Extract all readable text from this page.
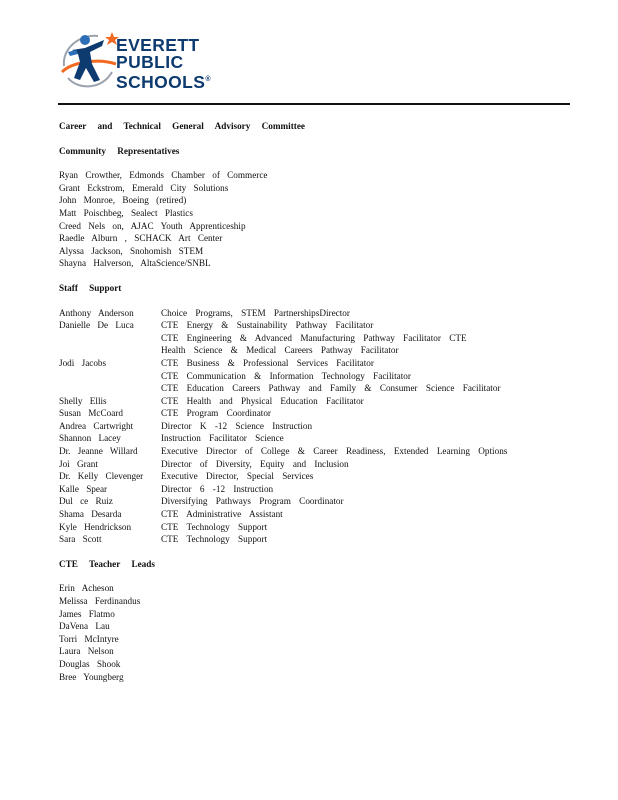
EVERETT
PUBLIC
SCHOOLS®
Career and Technical General Advisory Committee
Community Representatives
Ryan Crowther, Edmonds Chamber of Commerce
Grant Eckstrom, Emerald City Solutions
John Monroe, Boeing (retired)
Matt Poischbeg, Sealect Plastics
Creed Nels on, AJAC Youth Apprenticeship
Raedle Alburn , SCHACK Art Center
Alyssa Jackson, Snohomish STEM
Shayna Halverson, AltaScience/SNBL
Staff Support
Anthony Anderson	Choice Programs, STEM PartnershipsDirector
Danielle De Luca	CTE Energy & Sustainability Pathway Facilitator
CTE Engineering & Advanced Manufacturing Pathway Facilitator CTE
Health Science & Medical Careers Pathway Facilitator
Jodi Jacobs	CTE Business & Professional Services Facilitator
CTE Communication & Information Technology Facilitator
CTE Education Careers Pathway and Family & Consumer Science Facilitator
Shelly Ellis	CTE Health and Physical Education Facilitator
Susan McCoard	CTE Program Coordinator
Andrea Cartwright	Director K -12 Science Instruction
Shannon Lacey	Instruction Facilitator Science
Dr. Jeanne Willard	Executive Director of College & Career Readiness, Extended Learning Options
Joi Grant	Director of Diversity, Equity and Inclusion
Dr. Kelly Clevenger	Executive Director, Special Services
Kalle Spear	Director 6 -12 Instruction
Dul ce Ruiz	Diversifying Pathways Program Coordinator
Shama Desarda	CTE Administrative Assistant
Kyle Hendrickson	CTE Technology Support
Sara Scott	CTE Technology Support
CTE Teacher Leads
Erin Acheson
Melissa Ferdinandus
James Flatmo
DaVena Lau
Torri McIntyre
Laura Nelson
Douglas Shook
Bree Youngberg
